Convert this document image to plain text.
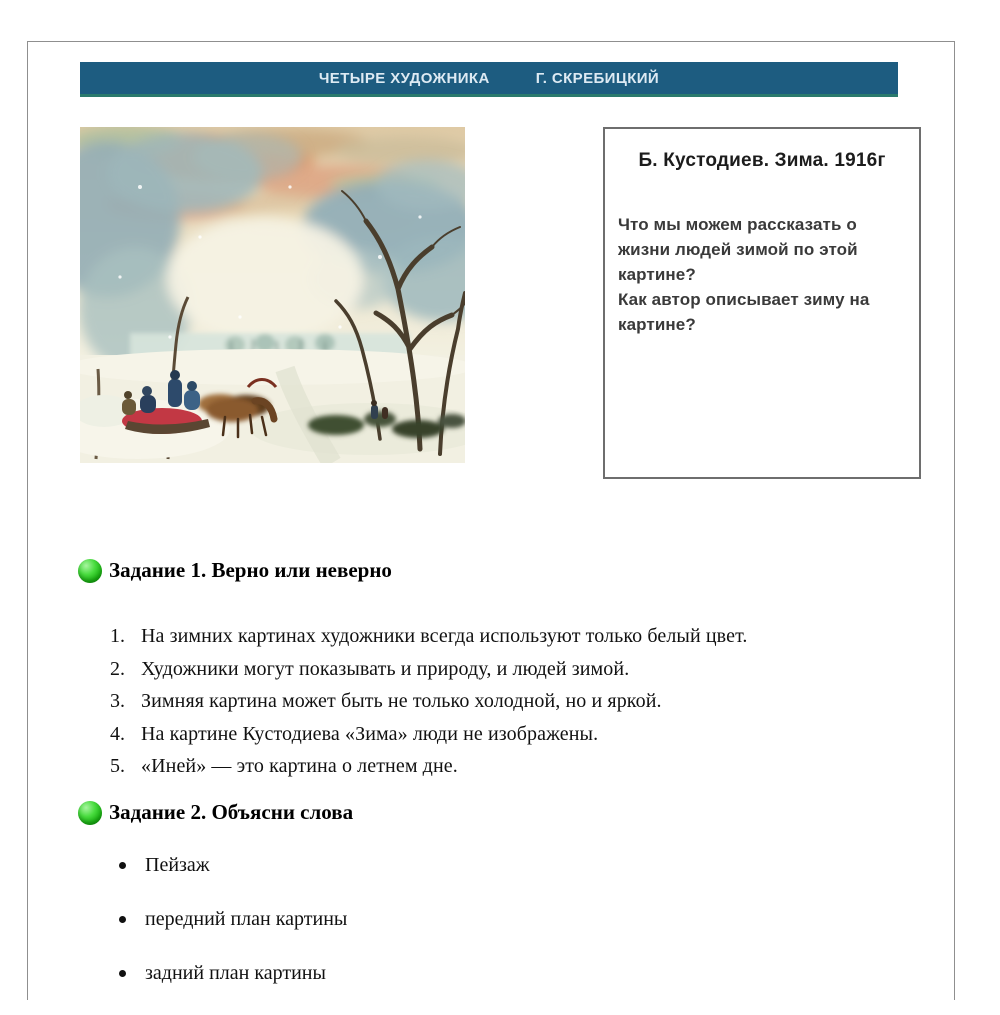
ЧЕТЫРЕ ХУДОЖНИКА	Г. СКРЕБИЦКИЙ
Б. Кустодиев. Зима. 1916г

Что мы можем рассказать о жизни людей зимой по этой картине?

Как автор описывает зиму на картине?

Задание 1. Верно или неверно
1. На зимних картинах художники всегда используют только белый цвет.
2. Художники могут показывать и природу, и людей зимой.
3. Зимняя картина может быть не только холодной, но и яркой.
4. На картине Кустодиева «Зима» люди не изображены.
5. «Иней» — это картина о летнем дне.
Задание 2. Объясни слова
Пейзаж
передний план картины
задний план картины
